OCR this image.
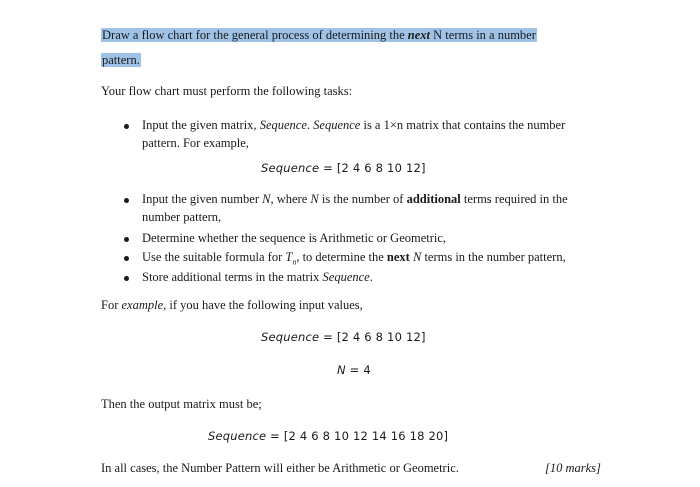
Draw a flow chart for the general process of determining the next N terms in a number
pattern.
Your flow chart must perform the following tasks:
Input the given matrix, Sequence. Sequence is a 1×n matrix that contains the number
pattern. For example,
Sequence = [2 4 6 8 10 12]
Input the given number N, where N is the number of additional terms required in the
number pattern,
Determine whether the sequence is Arithmetic or Geometric,
Use the suitable formula for $T_n$, to determine the next N terms in the number pattern,
Store additional terms in the matrix Sequence.
For example, if you have the following input values,
Sequence = [2 4 6 8 10 12]
N = 4
Then the output matrix must be;
Sequence = [2 4 6 8 10 12 14 16 18 20]
In all cases, the Number Pattern will either be Arithmetic or Geometric.	[10 marks]
